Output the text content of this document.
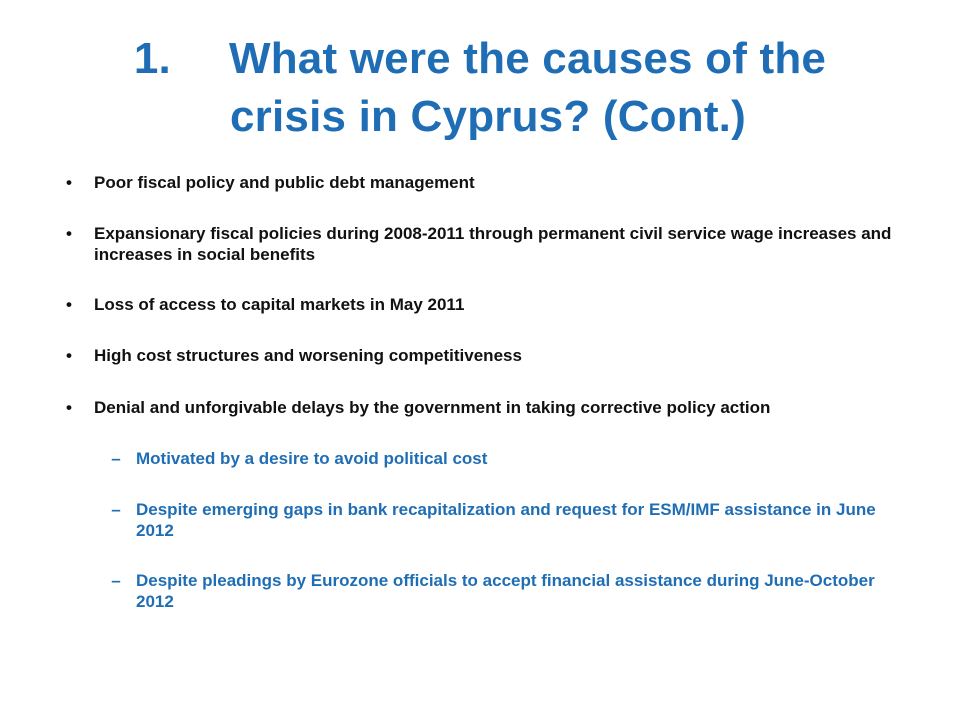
1. What were the causes of the
crisis in Cyprus? (Cont.)
•	Poor fiscal policy and public debt management
•	Expansionary fiscal policies during 2008-2011 through permanent civil service wage increases and increases in social benefits
•	Loss of access to capital markets in May 2011
•	High cost structures and worsening competitiveness
•	Denial and unforgivable delays by the government in taking corrective policy action
– Motivated by a desire to avoid political cost
– Despite emerging gaps in bank recapitalization and request for ESM/IMF assistance in June 2012
– Despite pleadings by Eurozone officials to accept financial assistance during June-October 2012
